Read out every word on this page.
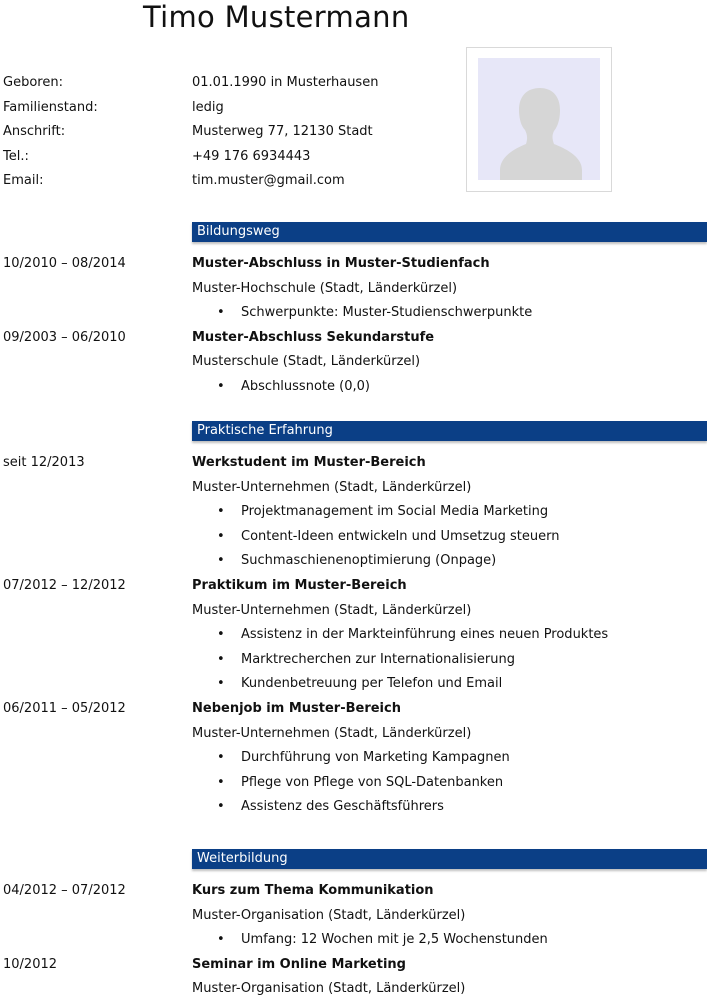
Timo Mustermann
Geboren:	01.01.1990 in Musterhausen
Familienstand:	ledig
Anschrift:	Musterweg 77, 12130 Stadt
Tel.:	+49 176 6934443
Email:	tim.muster@gmail.com
Bildungsweg
10/2010 – 08/2014	Muster-Abschluss in Muster-Studienfach
Muster-Hochschule (Stadt, Länderkürzel)
• Schwerpunkte: Muster-Studienschwerpunkte
09/2003 – 06/2010	Muster-Abschluss Sekundarstufe
Musterschule (Stadt, Länderkürzel)
• Abschlussnote (0,0)
Praktische Erfahrung
seit 12/2013	Werkstudent im Muster-Bereich
Muster-Unternehmen (Stadt, Länderkürzel)
• Projektmanagement im Social Media Marketing
• Content-Ideen entwickeln und Umsetzug steuern
• Suchmaschienenoptimierung (Onpage)
07/2012 – 12/2012	Praktikum im Muster-Bereich
Muster-Unternehmen (Stadt, Länderkürzel)
• Assistenz in der Markteinführung eines neuen Produktes
• Marktrecherchen zur Internationalisierung
• Kundenbetreuung per Telefon und Email
06/2011 – 05/2012	Nebenjob im Muster-Bereich
Muster-Unternehmen (Stadt, Länderkürzel)
• Durchführung von Marketing Kampagnen
• Pflege von Pflege von SQL-Datenbanken
• Assistenz des Geschäftsführers
Weiterbildung
04/2012 – 07/2012	Kurs zum Thema Kommunikation
Muster-Organisation (Stadt, Länderkürzel)
• Umfang: 12 Wochen mit je 2,5 Wochenstunden
10/2012	Seminar im Online Marketing
Muster-Organisation (Stadt, Länderkürzel)
